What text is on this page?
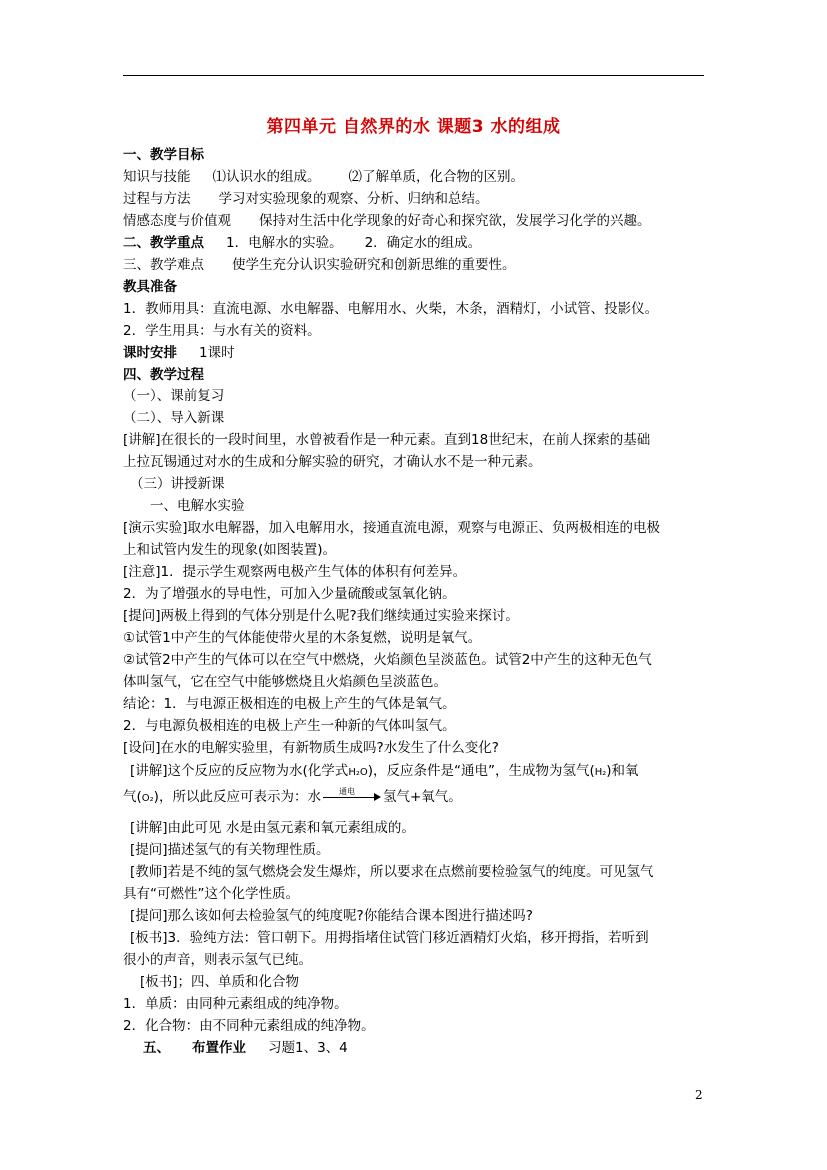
第四单元 自然界的水 课题3 水的组成
一、教学目标
知识与技能 ⑴认识水的组成。 ⑵了解单质，化合物的区别。
过程与方法 学习对实验现象的观察、分析、归纳和总结。
情感态度与价值观 保持对生活中化学现象的好奇心和探究欲，发展学习化学的兴趣。
二、教学重点 1．电解水的实验。 2．确定水的组成。
三、教学难点 使学生充分认识实验研究和创新思维的重要性。
教具准备
1．教师用具：直流电源、水电解器、电解用水、火柴，木条，酒精灯，小试管、投影仪。
2．学生用具：与水有关的资料。
课时安排 1课时
四、教学过程
（一）、课前复习
（二）、导入新课
[讲解]在很长的一段时间里，水曾被看作是一种元素。直到18世纪末，在前人探索的基础
上拉瓦锡通过对水的生成和分解实验的研究，才确认水不是一种元素。
（三）讲授新课
一、电解水实验
[演示实验]取水电解器，加入电解用水，接通直流电源，观察与电源正、负两极相连的电极
上和试管内发生的现象(如图装置)。
[注意]1．提示学生观察两电极产生气体的体积有何差异。
2．为了增强水的导电性，可加入少量硫酸或氢氧化钠。
[提问]两极上得到的气体分别是什么呢?我们继续通过实验来探讨。
①试管1中产生的气体能使带火星的木条复燃，说明是氧气。
②试管2中产生的气体可以在空气中燃烧，火焰颜色呈淡蓝色。试管2中产生的这种无色气
体叫氢气，它在空气中能够燃烧且火焰颜色呈淡蓝色。
结论：1．与电源正极相连的电极上产生的气体是氧气。
2．与电源负极相连的电极上产生一种新的气体叫氢气。
[设问]在水的电解实验里，有新物质生成吗?水发生了什么变化?
[讲解]这个反应的反应物为水(化学式H₂O)，反应条件是“通电”，生成物为氢气(H₂)和氧
气(O₂)，所以此反应可表示为：水 通电 氢气+氧气。
[讲解]由此可见 水是由氢元素和氧元素组成的。
[提问]描述氢气的有关物理性质。
[教师]若是不纯的氢气燃烧会发生爆炸，所以要求在点燃前要检验氢气的纯度。可见氢气
具有“可燃性”这个化学性质。
[提问]那么该如何去检验氢气的纯度呢?你能结合课本图进行描述吗?
[板书]3．验纯方法：管口朝下。用拇指堵住试管门移近酒精灯火焰，移开拇指，若听到
很小的声音，则表示氢气已纯。
[板书]；四、单质和化合物
1．单质：由同种元素组成的纯净物。
2．化合物：由不同种元素组成的纯净物。
五、 布置作业 习题1、3、4
2
